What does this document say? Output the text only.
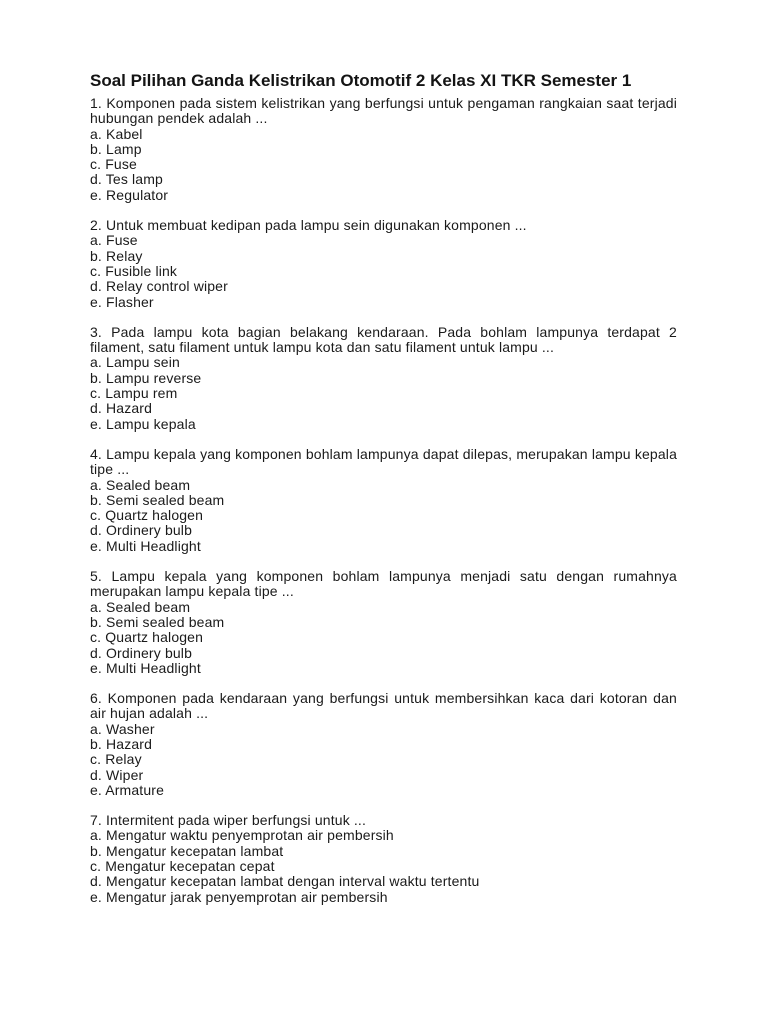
Soal Pilihan Ganda Kelistrikan Otomotif 2 Kelas XI TKR Semester 1

1. Komponen pada sistem kelistrikan yang berfungsi untuk pengaman rangkaian saat terjadi hubungan pendek adalah ...

a. Kabel
b. Lamp
c. Fuse
d. Tes lamp
e. Regulator

2. Untuk membuat kedipan pada lampu sein digunakan komponen ...

a. Fuse
b. Relay
c. Fusible link
d. Relay control wiper
e. Flasher

3. Pada lampu kota bagian belakang kendaraan. Pada bohlam lampunya terdapat 2 filament, satu filament untuk lampu kota dan satu filament untuk lampu ...

a. Lampu sein
b. Lampu reverse
c. Lampu rem
d. Hazard
e. Lampu kepala

4. Lampu kepala yang komponen bohlam lampunya dapat dilepas, merupakan lampu kepala tipe ...

a. Sealed beam
b. Semi sealed beam
c. Quartz halogen
d. Ordinery bulb
e. Multi Headlight

5. Lampu kepala yang komponen bohlam lampunya menjadi satu dengan rumahnya merupakan lampu kepala tipe ...

a. Sealed beam
b. Semi sealed beam
c. Quartz halogen
d. Ordinery bulb
e. Multi Headlight

6. Komponen pada kendaraan yang berfungsi untuk membersihkan kaca dari kotoran dan air hujan adalah ...

a. Washer
b. Hazard
c. Relay
d. Wiper
e. Armature

7. Intermitent pada wiper berfungsi untuk ...

a. Mengatur waktu penyemprotan air pembersih
b. Mengatur kecepatan lambat
c. Mengatur kecepatan cepat
d. Mengatur kecepatan lambat dengan interval waktu tertentu
e. Mengatur jarak penyemprotan air pembersih
